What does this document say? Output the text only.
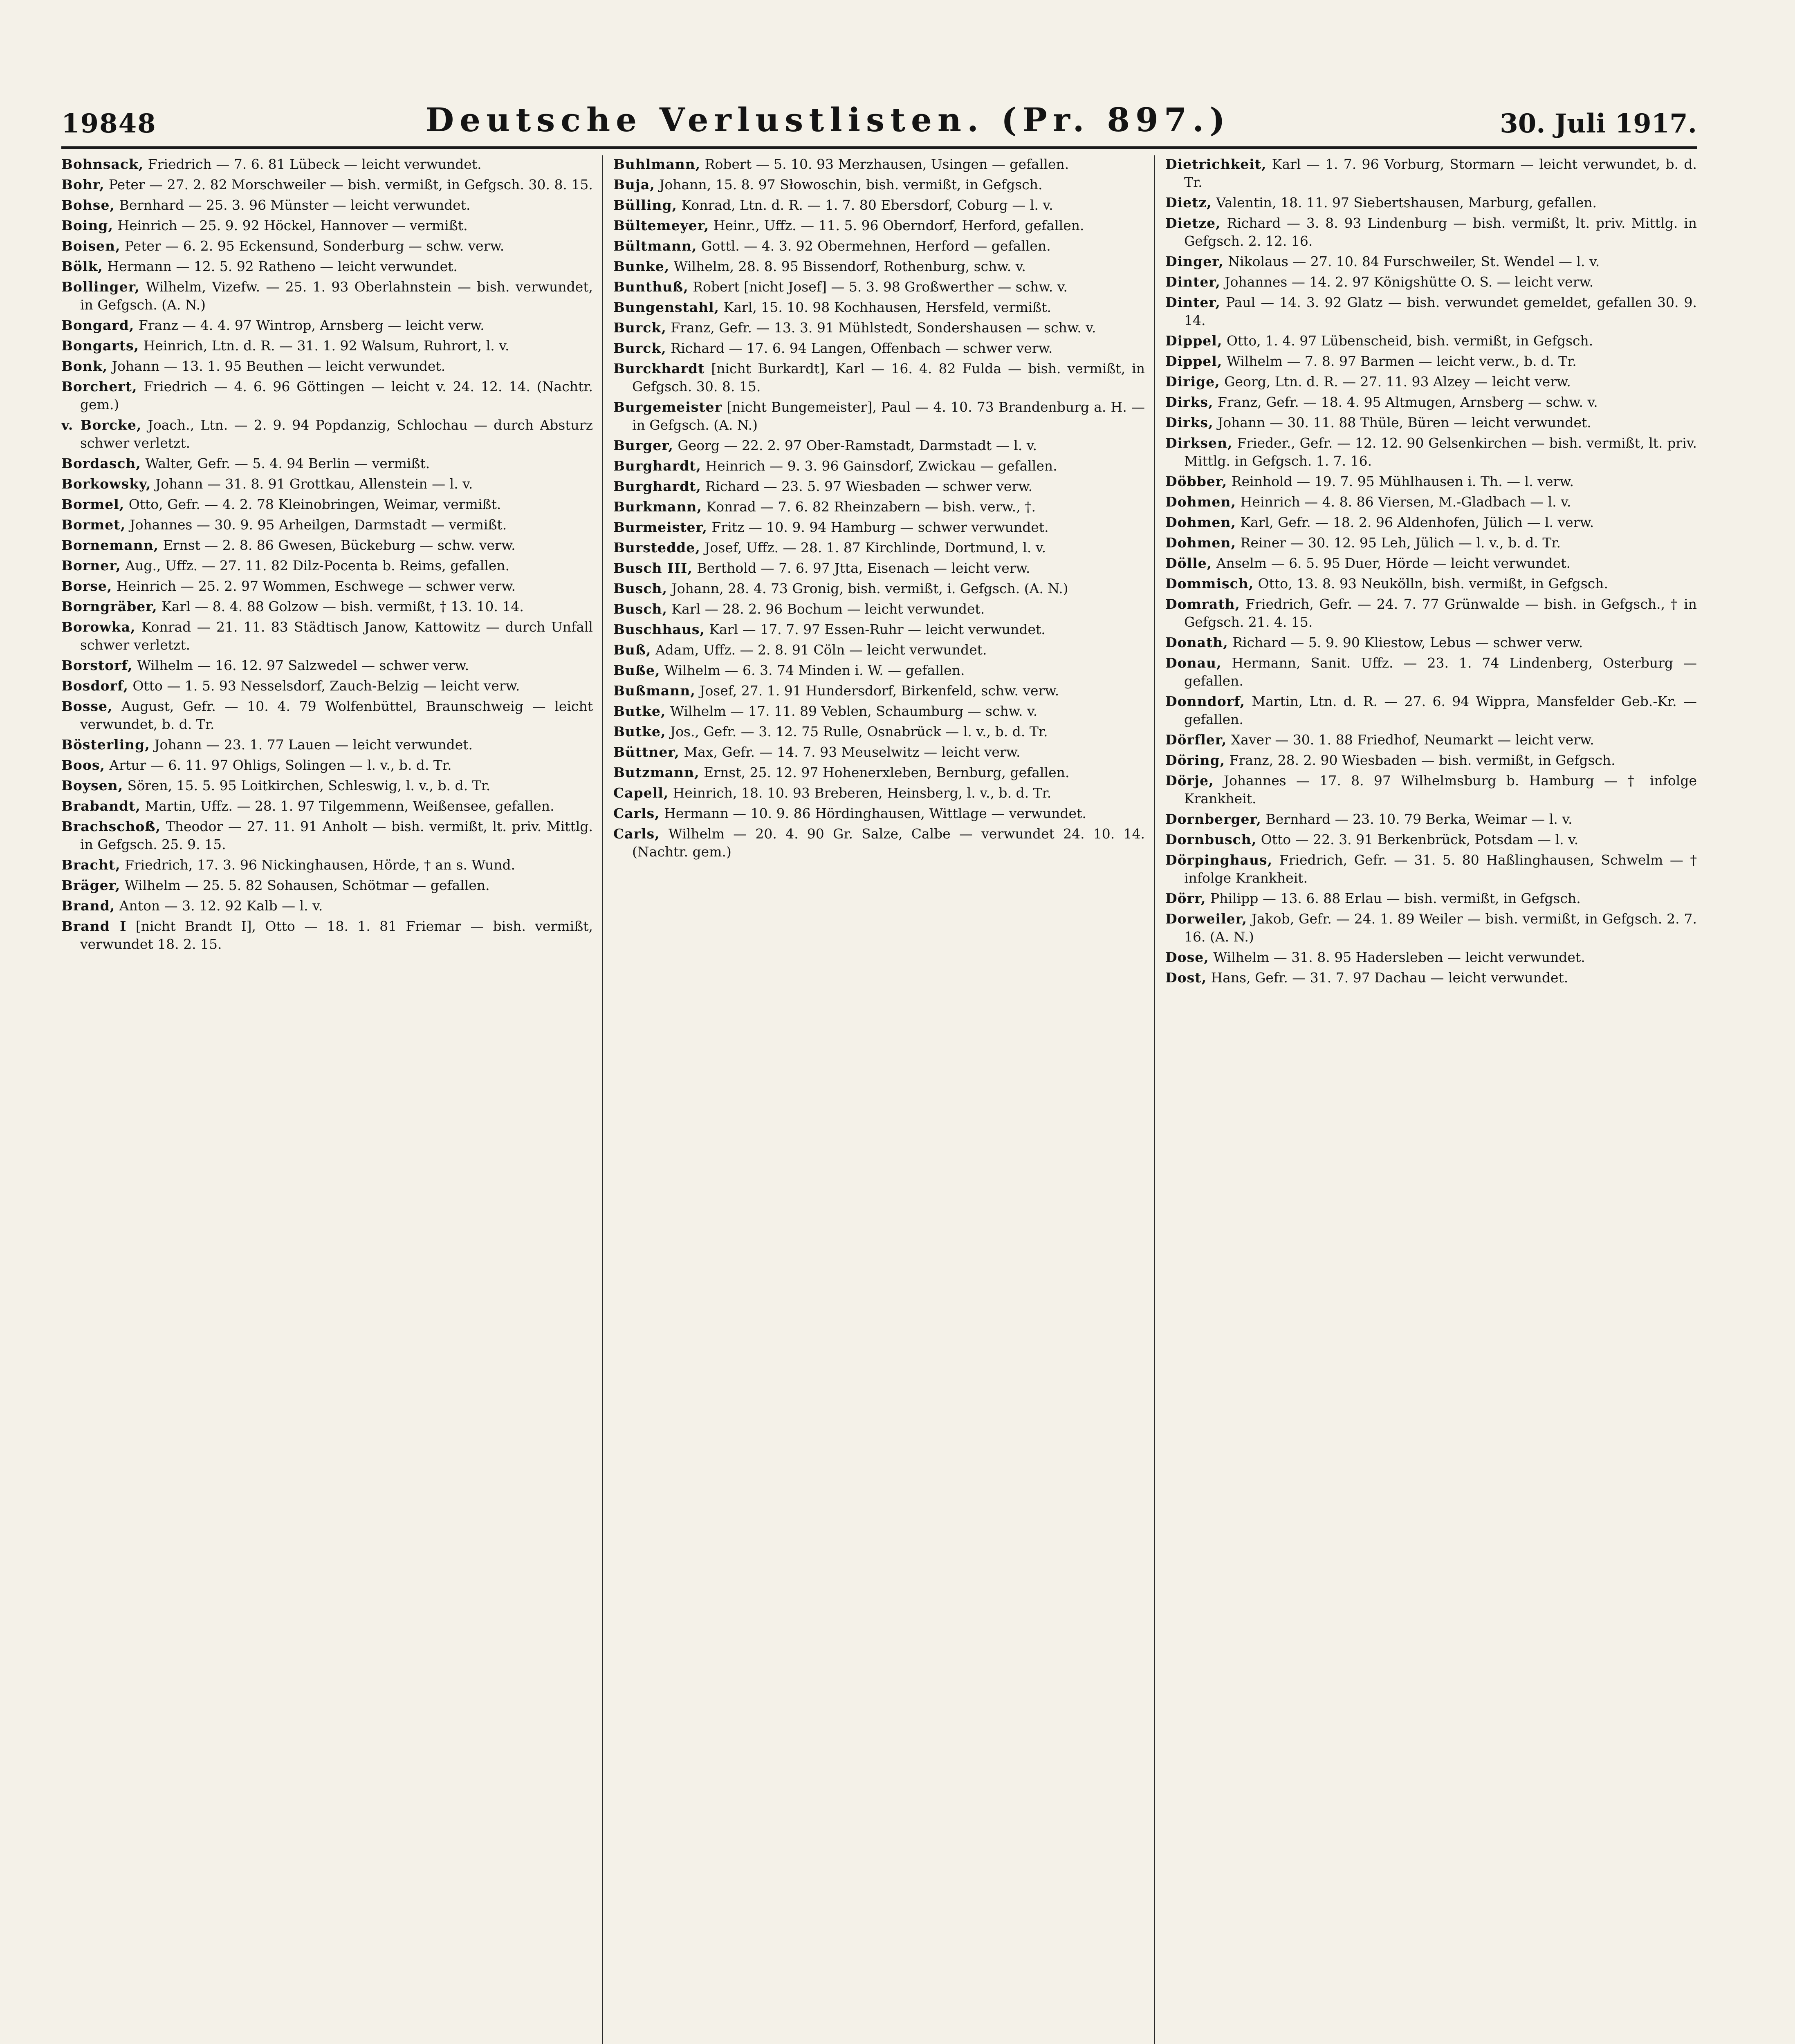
19848	Deutsche Verlustlisten. (Pr. 897.)	30. Juli 1917.

Bohnsack, Friedrich — 7. 6. 81 Lübeck — leicht verwundet.

Bohr, Peter — 27. 2. 82 Morschweiler — bish. vermißt, in Gefgsch. 30. 8. 15.

Bohse, Bernhard — 25. 3. 96 Münster — leicht verwundet.

Boing, Heinrich — 25. 9. 92 Höckel, Hannover — vermißt.

Boisen, Peter — 6. 2. 95 Eckensund, Sonderburg — schw. verw.

Bölk, Hermann — 12. 5. 92 Ratheno — leicht verwundet.

Bollinger, Wilhelm, Vizefw. — 25. 1. 93 Oberlahnstein — bish. verwundet, in Gefgsch. (A. N.)

Bongard, Franz — 4. 4. 97 Wintrop, Arnsberg — leicht verw.

Bongarts, Heinrich, Ltn. d. R. — 31. 1. 92 Walsum, Ruhrort, l. v.

Bonk, Johann — 13. 1. 95 Beuthen — leicht verwundet.

Borchert, Friedrich — 4. 6. 96 Göttingen — leicht v. 24. 12. 14. (Nachtr. gem.)

v. Borcke, Joach., Ltn. — 2. 9. 94 Popdanzig, Schlochau — durch Absturz schwer verletzt.

Bordasch, Walter, Gefr. — 5. 4. 94 Berlin — vermißt.

Borkowsky, Johann — 31. 8. 91 Grottkau, Allenstein — l. v.

Bormel, Otto, Gefr. — 4. 2. 78 Kleinobringen, Weimar, vermißt.

Bormet, Johannes — 30. 9. 95 Arheilgen, Darmstadt — vermißt.

Bornemann, Ernst — 2. 8. 86 Gwesen, Bückeburg — schw. verw.

Borner, Aug., Uffz. — 27. 11. 82 Dilz-Pocenta b. Reims, gefallen.

Borse, Heinrich — 25. 2. 97 Wommen, Eschwege — schwer verw.

Borngräber, Karl — 8. 4. 88 Golzow — bish. vermißt, † 13. 10. 14.

Borowka, Konrad — 21. 11. 83 Städtisch Janow, Kattowitz — durch Unfall schwer verletzt.

Borstorf, Wilhelm — 16. 12. 97 Salzwedel — schwer verw.

Bosdorf, Otto — 1. 5. 93 Nesselsdorf, Zauch-Belzig — leicht verw.

Bosse, August, Gefr. — 10. 4. 79 Wolfenbüttel, Braunschweig — leicht verwundet, b. d. Tr.

Bösterling, Johann — 23. 1. 77 Lauen — leicht verwundet.

Boos, Artur — 6. 11. 97 Ohligs, Solingen — l. v., b. d. Tr.

Boysen, Sören, 15. 5. 95 Loitkirchen, Schleswig, l. v., b. d. Tr.

Brabandt, Martin, Uffz. — 28. 1. 97 Tilgemmenn, Weißensee, gefallen.

Brachschoß, Theodor — 27. 11. 91 Anholt — bish. vermißt, lt. priv. Mittlg. in Gefgsch. 25. 9. 15.

Bracht, Friedrich, 17. 3. 96 Nickinghausen, Hörde, † an s. Wund.

Bräger, Wilhelm — 25. 5. 82 Sohausen, Schötmar — gefallen.

Brand, Anton — 3. 12. 92 Kalb — l. v.

Brand I [nicht Brandt I], Otto — 18. 1. 81 Friemar — bish. vermißt, verwundet 18. 2. 15.

Buhlmann, Robert — 5. 10. 93 Merzhausen, Usingen — gefallen.

Buja, Johann, 15. 8. 97 Słowoschin, bish. vermißt, in Gefgsch.

Bülling, Konrad, Ltn. d. R. — 1. 7. 80 Ebersdorf, Coburg — l. v.

Bültemeyer, Heinr., Uffz. — 11. 5. 96 Oberndorf, Herford, gefallen.

Bültmann, Gottl. — 4. 3. 92 Obermehnen, Herford — gefallen.

Bunke, Wilhelm, 28. 8. 95 Bissendorf, Rothenburg, schw. v.

Bunthuß, Robert [nicht Josef] — 5. 3. 98 Großwerther — schw. v.

Bungenstahl, Karl, 15. 10. 98 Kochhausen, Hersfeld, vermißt.

Burck, Franz, Gefr. — 13. 3. 91 Mühlstedt, Sondershausen — schw. v.

Burck, Richard — 17. 6. 94 Langen, Offenbach — schwer verw.

Burckhardt [nicht Burkardt], Karl — 16. 4. 82 Fulda — bish. vermißt, in Gefgsch. 30. 8. 15.

Burgemeister [nicht Bungemeister], Paul — 4. 10. 73 Brandenburg a. H. — in Gefgsch. (A. N.)

Burger, Georg — 22. 2. 97 Ober-Ramstadt, Darmstadt — l. v.

Burghardt, Heinrich — 9. 3. 96 Gainsdorf, Zwickau — gefallen.

Burghardt, Richard — 23. 5. 97 Wiesbaden — schwer verw.

Burkmann, Konrad — 7. 6. 82 Rheinzabern — bish. verw., †.

Burmeister, Fritz — 10. 9. 94 Hamburg — schwer verwundet.

Burstedde, Josef, Uffz. — 28. 1. 87 Kirchlinde, Dortmund, l. v.

Busch III, Berthold — 7. 6. 97 Jtta, Eisenach — leicht verw.

Busch, Johann, 28. 4. 73 Gronig, bish. vermißt, i. Gefgsch. (A. N.)

Busch, Karl — 28. 2. 96 Bochum — leicht verwundet.

Buschhaus, Karl — 17. 7. 97 Essen-Ruhr — leicht verwundet.

Buß, Adam, Uffz. — 2. 8. 91 Cöln — leicht verwundet.

Buße, Wilhelm — 6. 3. 74 Minden i. W. — gefallen.

Bußmann, Josef, 27. 1. 91 Hundersdorf, Birkenfeld, schw. verw.

Butke, Wilhelm — 17. 11. 89 Veblen, Schaumburg — schw. v.

Butke, Jos., Gefr. — 3. 12. 75 Rulle, Osnabrück — l. v., b. d. Tr.

Büttner, Max, Gefr. — 14. 7. 93 Meuselwitz — leicht verw.

Butzmann, Ernst, 25. 12. 97 Hohenerxleben, Bernburg, gefallen.

Capell, Heinrich, 18. 10. 93 Breberen, Heinsberg, l. v., b. d. Tr.

Carls, Hermann — 10. 9. 86 Hördinghausen, Wittlage — verwundet.

Carls, Wilhelm — 20. 4. 90 Gr. Salze, Calbe — verwundet 24. 10. 14. (Nachtr. gem.)

Dietrichkeit, Karl — 1. 7. 96 Vorburg, Stormarn — leicht verwundet, b. d. Tr.

Dietz, Valentin, 18. 11. 97 Siebertshausen, Marburg, gefallen.

Dietze, Richard — 3. 8. 93 Lindenburg — bish. vermißt, lt. priv. Mittlg. in Gefgsch. 2. 12. 16.

Dinger, Nikolaus — 27. 10. 84 Furschweiler, St. Wendel — l. v.

Dinter, Johannes — 14. 2. 97 Königshütte O. S. — leicht verw.

Dinter, Paul — 14. 3. 92 Glatz — bish. verwundet gemeldet, gefallen 30. 9. 14.

Dippel, Otto, 1. 4. 97 Lübenscheid, bish. vermißt, in Gefgsch.

Dippel, Wilhelm — 7. 8. 97 Barmen — leicht verw., b. d. Tr.

Dirige, Georg, Ltn. d. R. — 27. 11. 93 Alzey — leicht verw.

Dirks, Franz, Gefr. — 18. 4. 95 Altmugen, Arnsberg — schw. v.

Dirks, Johann — 30. 11. 88 Thüle, Büren — leicht verwundet.

Dirksen, Frieder., Gefr. — 12. 12. 90 Gelsenkirchen — bish. vermißt, lt. priv. Mittlg. in Gefgsch. 1. 7. 16.

Döbber, Reinhold — 19. 7. 95 Mühlhausen i. Th. — l. verw.

Dohmen, Heinrich — 4. 8. 86 Viersen, M.-Gladbach — l. v.

Dohmen, Karl, Gefr. — 18. 2. 96 Aldenhofen, Jülich — l. verw.

Dohmen, Reiner — 30. 12. 95 Leh, Jülich — l. v., b. d. Tr.

Dölle, Anselm — 6. 5. 95 Duer, Hörde — leicht verwundet.

Dommisch, Otto, 13. 8. 93 Neukölln, bish. vermißt, in Gefgsch.

Domrath, Friedrich, Gefr. — 24. 7. 77 Grünwalde — bish. in Gefgsch., † in Gefgsch. 21. 4. 15.

Donath, Richard — 5. 9. 90 Kliestow, Lebus — schwer verw.

Donau, Hermann, Sanit. Uffz. — 23. 1. 74 Lindenberg, Osterburg — gefallen.

Donndorf, Martin, Ltn. d. R. — 27. 6. 94 Wippra, Mansfelder Geb.-Kr. — gefallen.

Dörfler, Xaver — 30. 1. 88 Friedhof, Neumarkt — leicht verw.

Döring, Franz, 28. 2. 90 Wiesbaden — bish. vermißt, in Gefgsch.

Dörje, Johannes — 17. 8. 97 Wilhelmsburg b. Hamburg — † infolge Krankheit.

Dornberger, Bernhard — 23. 10. 79 Berka, Weimar — l. v.

Dornbusch, Otto — 22. 3. 91 Berkenbrück, Potsdam — l. v.

Dörpinghaus, Friedrich, Gefr. — 31. 5. 80 Haßlinghausen, Schwelm — † infolge Krankheit.

Dörr, Philipp — 13. 6. 88 Erlau — bish. vermißt, in Gefgsch.

Dorweiler, Jakob, Gefr. — 24. 1. 89 Weiler — bish. vermißt, in Gefgsch. 2. 7. 16. (A. N.)

Dose, Wilhelm — 31. 8. 95 Hadersleben — leicht verwundet.

Dost, Hans, Gefr. — 31. 7. 97 Dachau — leicht verwundet.
